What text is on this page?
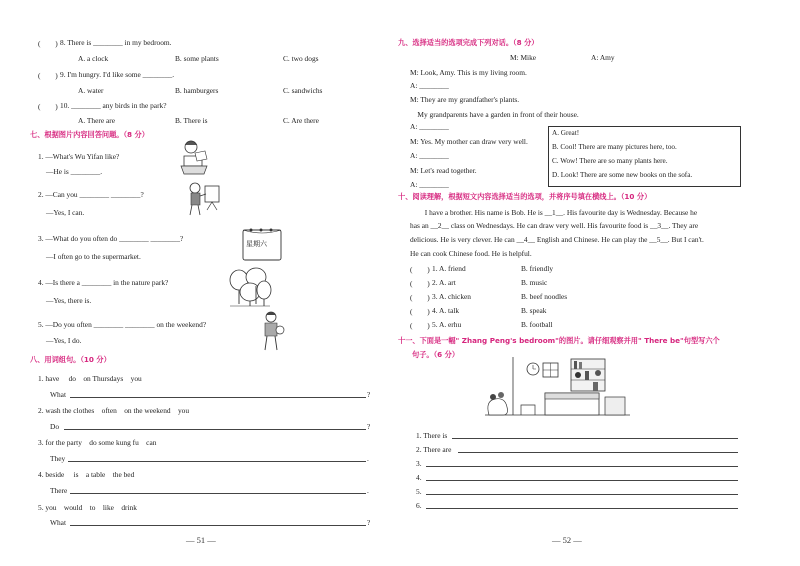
(　　) 8. There is ________ in my bedroom.
A. a clock	B. some plants	C. two dogs
(　　) 9. I'm hungry. I'd like some ________.
A. water	B. hamburgers	C. sandwichs
(　　) 10. ________ any birds in the park?
A. There are	B. There is	C. Are there
七、根据图片内容回答问题。（8 分）
1. —What's Wu Yifan like?
—He is ________.
2. —Can you ________ ________?
—Yes, I can.
3. —What do you often do ________ ________?
—I often go to the supermarket.
4. —Is there a ________ in the nature park?
—Yes, there is.
5. —Do you often ________ ________ on the weekend?
—Yes, I do.
星期六
八、用词组句。（10 分）
1. have　 do　on Thursdays　you
What	?
2. wash the clothes　often　on the weekend　you
Do	?
3. for the party　do some kung fu　can
They	.
4. beside　 is　a table　the bed
There	.
5. you　would　to　like　drink
What	?
— 51 —
九、选择适当的选项完成下列对话。（8 分）
M: Mike	A: Amy
M: Look, Amy. This is my living room.
A: ________
M: They are my grandfather's plants.
　My grandparents have a garden in front of their house.
A: ________
M: Yes. My mother can draw very well.
A: ________
M: Let's read together.
A: ________
A. Great!
B. Cool! There are many pictures here, too.
C. Wow! There are so many plants here.
D. Look! There are some new books on the sofa.
十、阅读理解，根据短文内容选择适当的选项，并将序号填在横线上。（10 分）
　　I have a brother. His name is Bob. He is __1__. His favourite day is Wednesday. Because he
has an __2__ class on Wednesdays. He can draw very well. His favourite food is __3__. They are
delicious. He is very clever. He can __4__ English and Chinese. He can play the __5__. But I can't.
He can cook Chinese food. He is helpful.
(　　) 1. A. friend	B. friendly
(　　) 2. A. art	B. music
(　　) 3. A. chicken	B. beef noodles
(　　) 4. A. talk	B. speak
(　　) 5. A. erhu	B. football
十一、下面是一幅" Zhang Peng's bedroom"的图片。请仔细观察并用" There be"句型写六个
句子。（6 分）
1. There is
2. There are
3.
4.
5.
6.
— 52 —
